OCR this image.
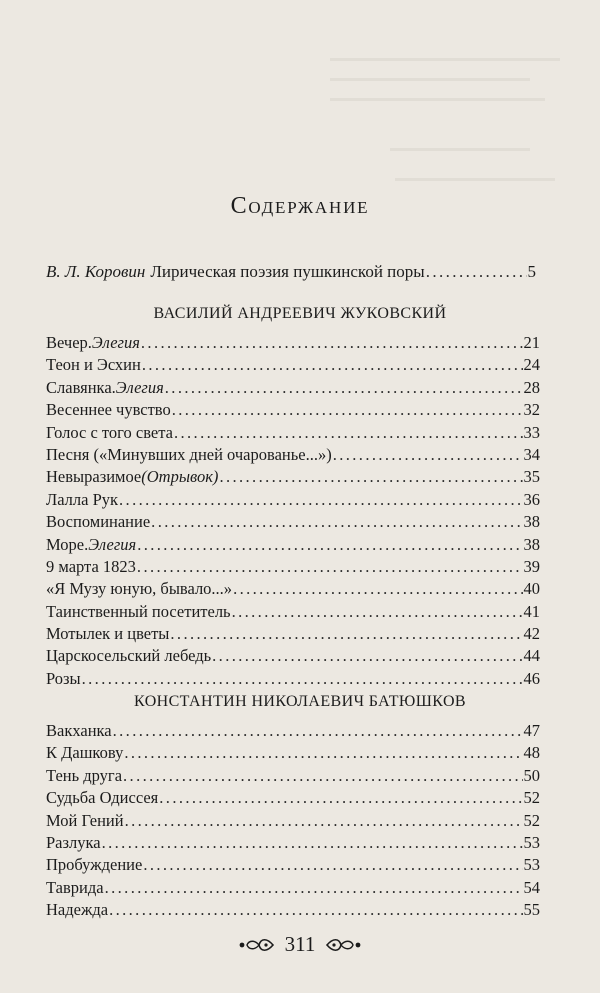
Содержание
В. Л. Коровин Лирическая поэзия пушкинской поры .....	5
ВАСИЛИЙ АНДРЕЕВИЧ ЖУКОВСКИЙ
Вечер. Элегия .....	21
Теон и Эсхин .....	24
Славянка. Элегия .....	28
Весеннее чувство .....	32
Голос с того света .....	33
Песня («Минувших дней очарованье...») .....	34
Невыразимое (Отрывок) .....	35
Лалла Рук .....	36
Воспоминание .....	38
Море. Элегия .....	38
9 марта 1823 .....	39
«Я Музу юную, бывало...» .....	40
Таинственный посетитель .....	41
Мотылек и цветы .....	42
Царскосельский лебедь .....	44
Розы .....	46
КОНСТАНТИН НИКОЛАЕВИЧ БАТЮШКОВ
Вакханка .....	47
К Дашкову .....	48
Тень друга .....	50
Судьба Одиссея .....	52
Мой Гений .....	52
Разлука .....	53
Пробуждение .....	53
Таврида .....	54
Надежда .....	55
311
